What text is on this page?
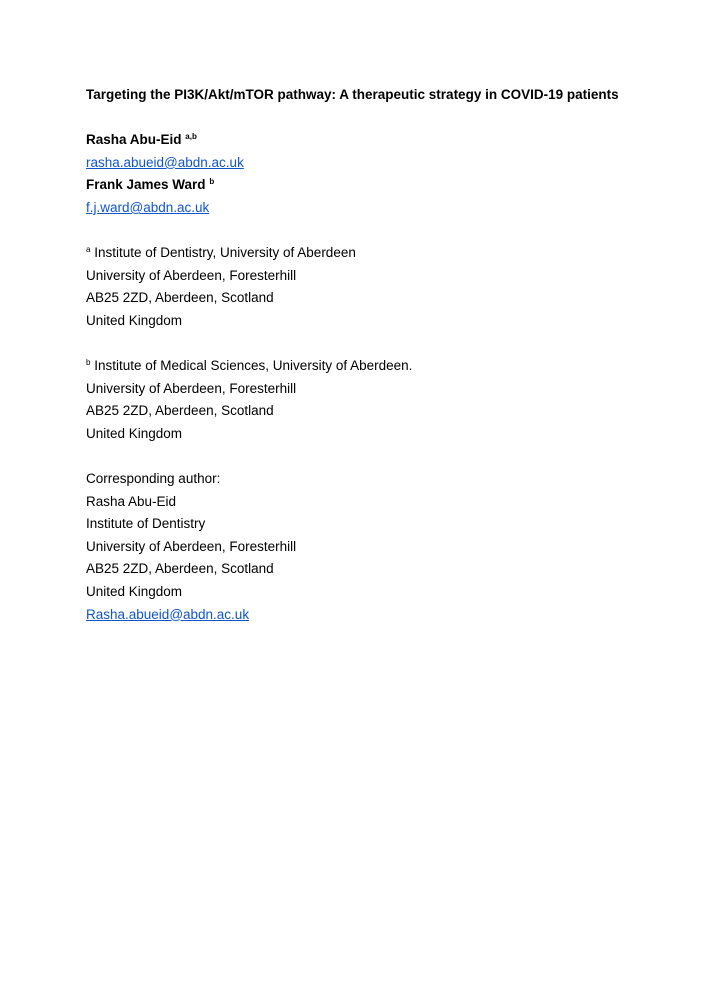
Targeting the PI3K/Akt/mTOR pathway: A therapeutic strategy in COVID-19 patients

Rasha Abu-Eid $^{a,b}$

rasha.abueid@abdn.ac.uk

Frank James Ward $^b$

f.j.ward@abdn.ac.uk

$^a$ Institute of Dentistry, University of Aberdeen

University of Aberdeen, Foresterhill

AB25 2ZD, Aberdeen, Scotland

United Kingdom

$^b$ Institute of Medical Sciences, University of Aberdeen.

University of Aberdeen, Foresterhill

AB25 2ZD, Aberdeen, Scotland

United Kingdom

Corresponding author:

Rasha Abu-Eid

Institute of Dentistry

University of Aberdeen, Foresterhill

AB25 2ZD, Aberdeen, Scotland

United Kingdom

Rasha.abueid@abdn.ac.uk
